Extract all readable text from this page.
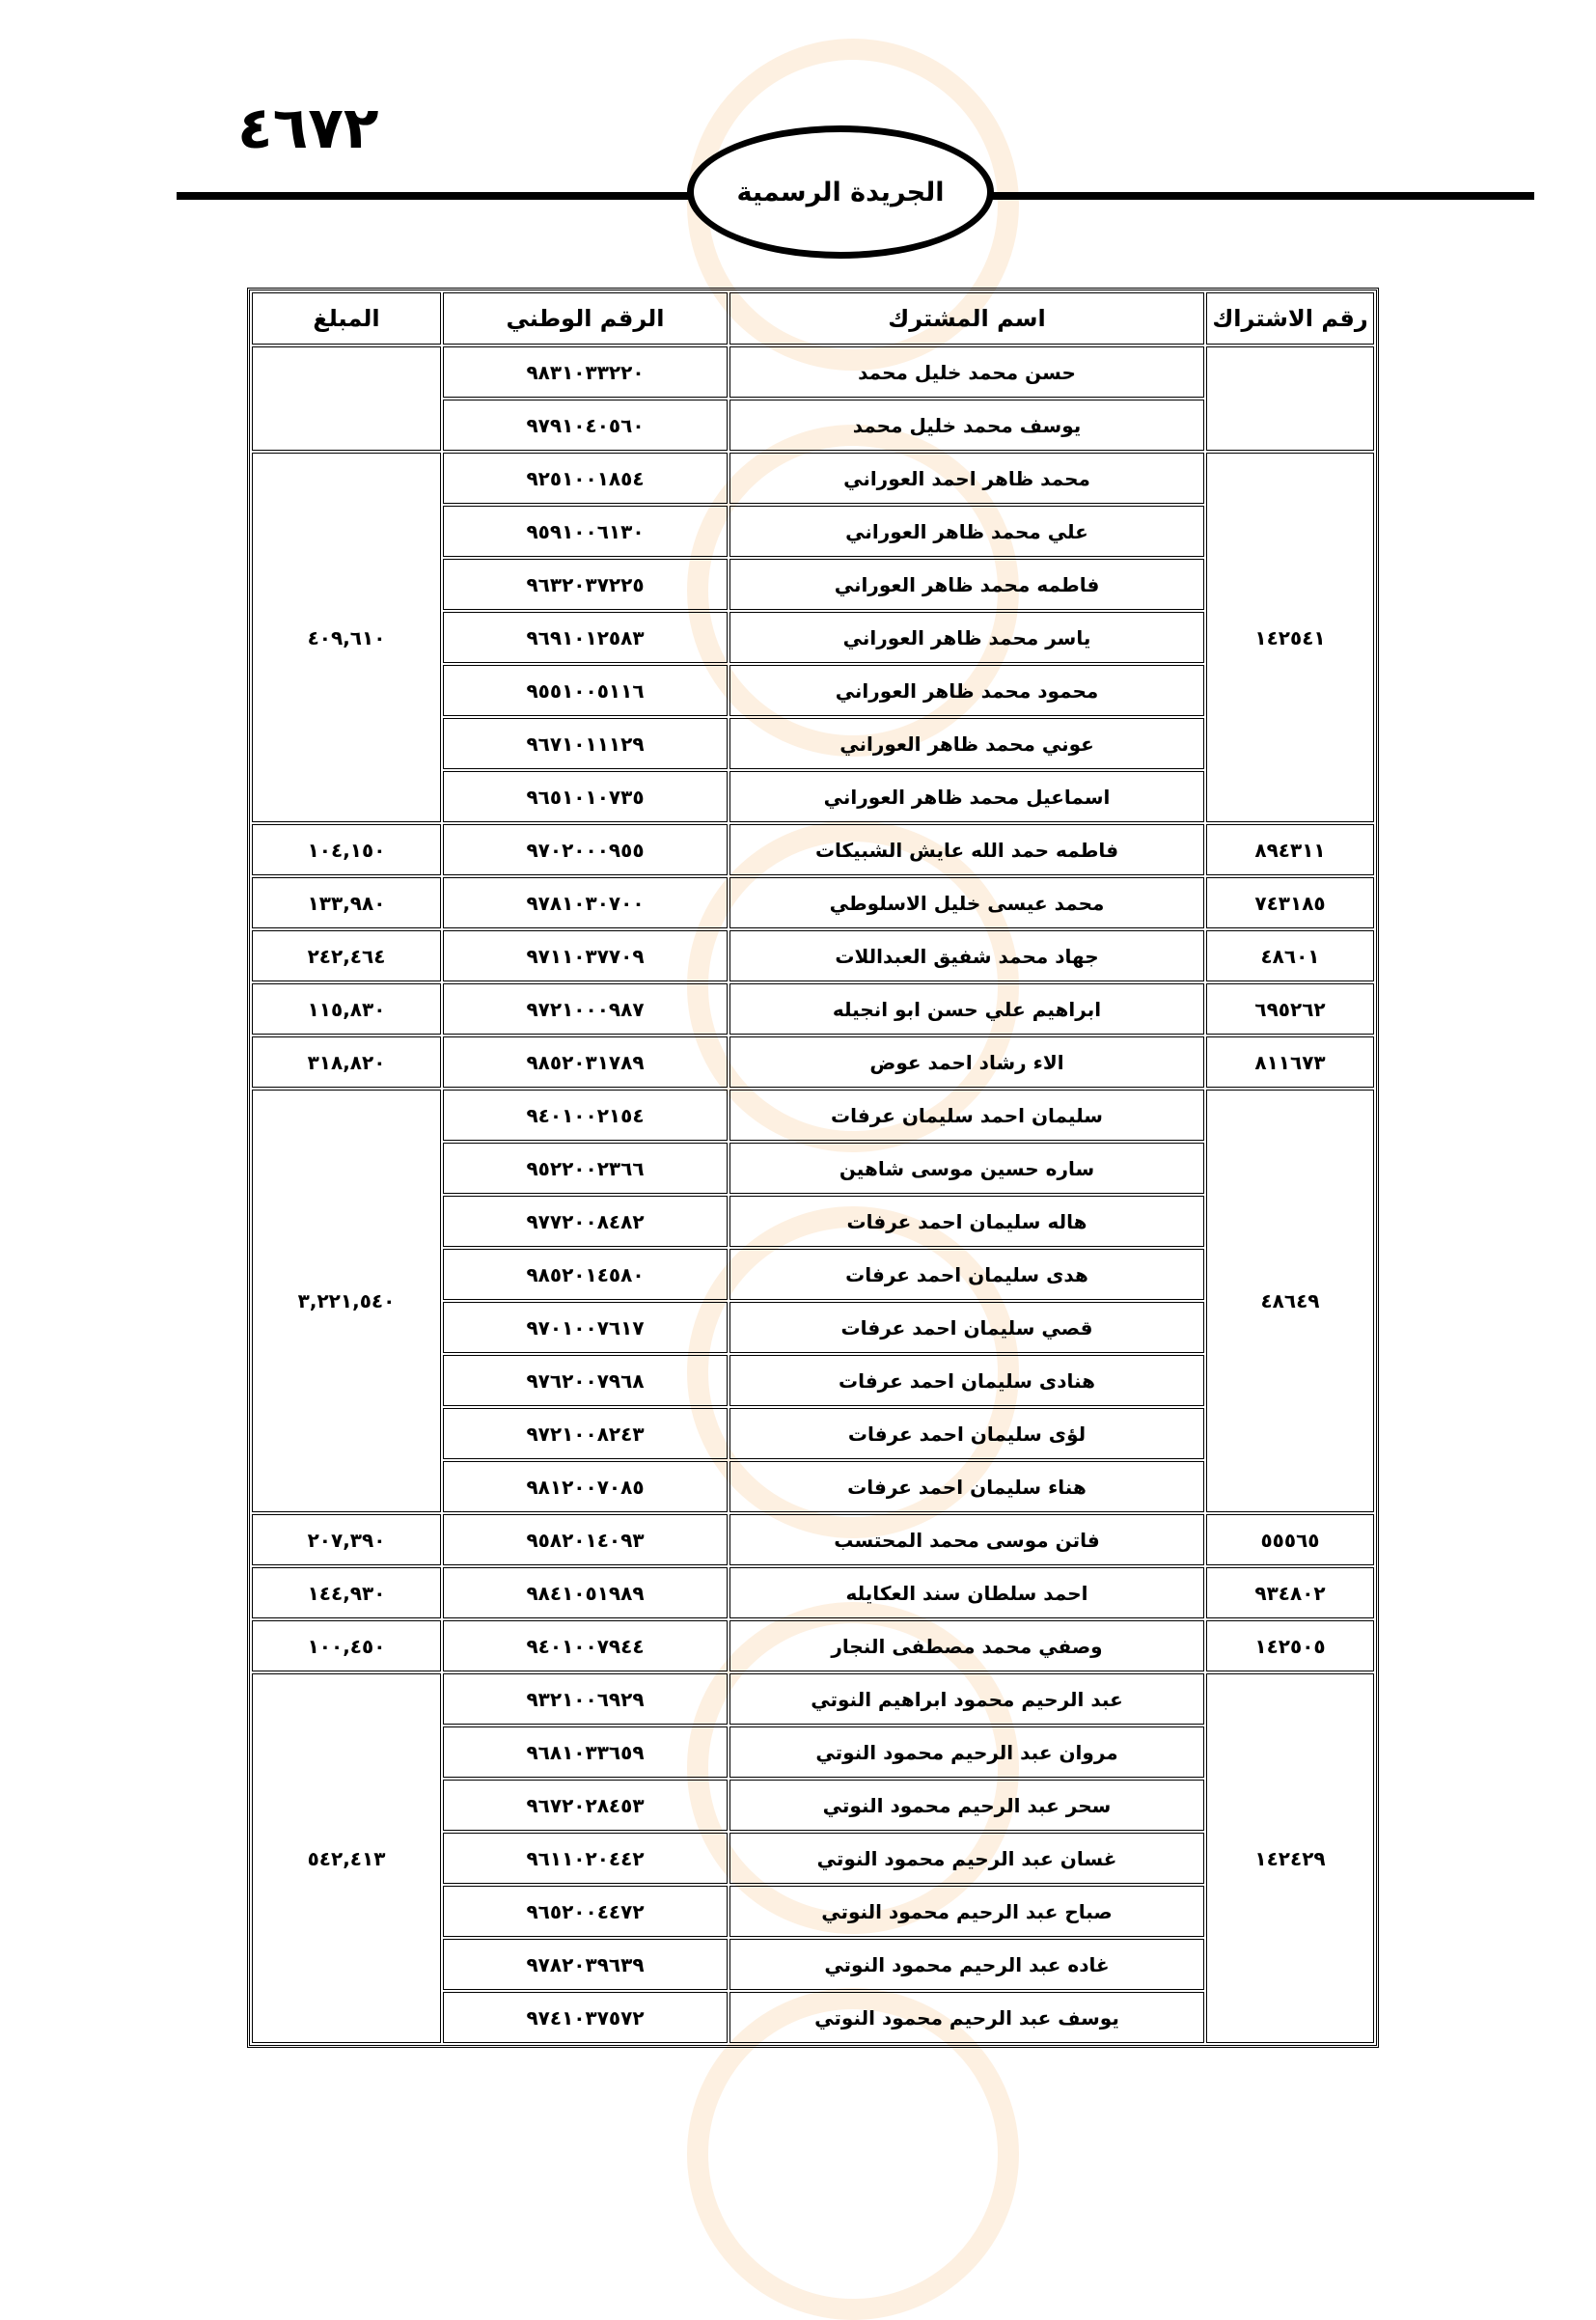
٤٦٧٢
الجريدة الرسمية
رقم الاشتراك	اسم المشترك	الرقم الوطني	المبلغ
	حسن محمد خليل محمد	٩٨٣١٠٣٣٢٢٠	
	يوسف محمد خليل محمد	٩٧٩١٠٤٠٥٦٠	
١٤٢٥٤١	محمد ظاهر احمد العوراني	٩٢٥١٠٠١٨٥٤	٤٠٩,٦١٠
	علي محمد ظاهر العوراني	٩٥٩١٠٠٦١٣٠	
	فاطمه محمد ظاهر العوراني	٩٦٣٢٠٣٧٢٢٥	
	ياسر محمد ظاهر العوراني	٩٦٩١٠١٢٥٨٣	
	محمود محمد ظاهر العوراني	٩٥٥١٠٠٥١١٦	
	عوني محمد ظاهر العوراني	٩٦٧١٠١١١٢٩	
	اسماعيل محمد ظاهر العوراني	٩٦٥١٠١٠٧٣٥	
٨٩٤٣١١	فاطمه حمد الله عايش الشبيكات	٩٧٠٢٠٠٠٩٥٥	١٠٤,١٥٠
٧٤٣١٨٥	محمد عيسى خليل الاسلوطي	٩٧٨١٠٣٠٧٠٠	١٣٣,٩٨٠
٤٨٦٠١	جهاد محمد شفيق العبداللات	٩٧١١٠٣٧٧٠٩	٢٤٢,٤٦٤
٦٩٥٢٦٢	ابراهيم علي حسن ابو انجيله	٩٧٢١٠٠٠٩٨٧	١١٥,٨٣٠
٨١١٦٧٣	الاء رشاد احمد عوض	٩٨٥٢٠٣١٧٨٩	٣١٨,٨٢٠
٤٨٦٤٩	سليمان احمد سليمان عرفات	٩٤٠١٠٠٢١٥٤	٣,٢٢١,٥٤٠
	ساره حسين موسى شاهين	٩٥٢٢٠٠٢٣٦٦	
	هاله سليمان احمد عرفات	٩٧٧٢٠٠٨٤٨٢	
	هدى سليمان احمد عرفات	٩٨٥٢٠١٤٥٨٠	
	قصي سليمان احمد عرفات	٩٧٠١٠٠٧٦١٧	
	هنادى سليمان احمد عرفات	٩٧٦٢٠٠٧٩٦٨	
	لؤى سليمان احمد عرفات	٩٧٢١٠٠٨٢٤٣	
	هناء سليمان احمد عرفات	٩٨١٢٠٠٧٠٨٥	
٥٥٥٦٥	فاتن موسى محمد المحتسب	٩٥٨٢٠١٤٠٩٣	٢٠٧,٣٩٠
٩٣٤٨٠٢	احمد سلطان سند العكايله	٩٨٤١٠٥١٩٨٩	١٤٤,٩٣٠
١٤٢٥٠٥	وصفي محمد مصطفى النجار	٩٤٠١٠٠٧٩٤٤	١٠٠,٤٥٠
١٤٢٤٢٩	عبد الرحيم محمود ابراهيم النوتي	٩٣٢١٠٠٦٩٢٩	٥٤٢,٤١٣
	مروان عبد الرحيم محمود النوتي	٩٦٨١٠٣٣٦٥٩	
	سحر عبد الرحيم محمود النوتي	٩٦٧٢٠٢٨٤٥٣	
	غسان عبد الرحيم محمود النوتي	٩٦١١٠٢٠٤٤٢	
	صباح عبد الرحيم محمود النوتي	٩٦٥٢٠٠٤٤٧٢	
	غاده عبد الرحيم محمود النوتي	٩٧٨٢٠٣٩٦٣٩	
	يوسف عبد الرحيم محمود النوتي	٩٧٤١٠٣٧٥٧٢	
